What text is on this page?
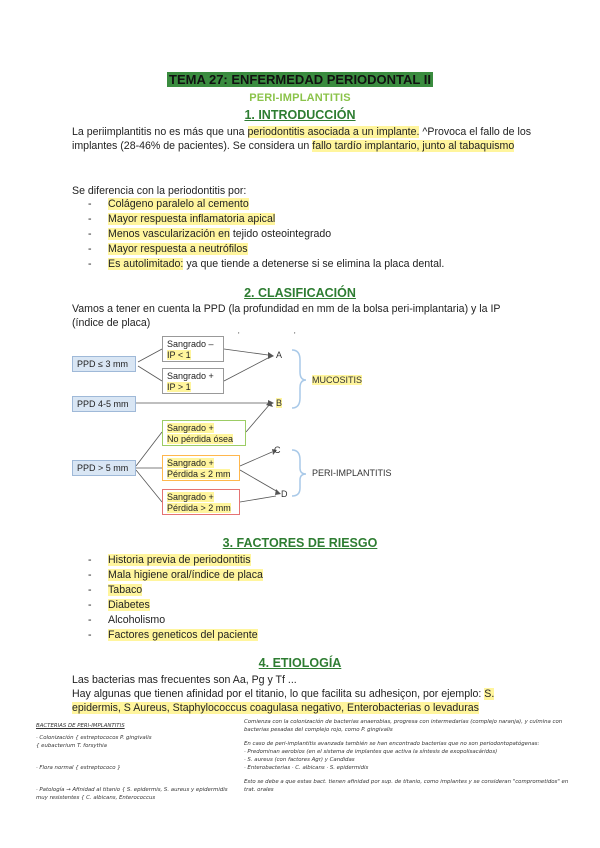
TEMA 27: ENFERMEDAD PERIODONTAL II
PERI-IMPLANTITIS
1. INTRODUCCIÓN
La periimplantitis no es más que una periodontitis asociada a un implante. ^Provoca el fallo de los implantes (28-46% de pacientes). Se considera un fallo tardío implantario, junto al tabaquismo
Se diferencia con la periodontitis por:
- Colágeno paralelo al cemento
- Mayor respuesta inflamatoria apical
- Menos vascularización en tejido osteointegrado
- Mayor respuesta a neutrófilos
- Es autolimitado: ya que tiende a detenerse si se elimina la placa dental.
2. CLASIFICACIÓN
Vamos a tener en cuenta la PPD (la profundidad en mm de la bolsa peri-implantaria) y la IP (índice de placa)
'	'
PPD ≤ 3 mm
PPD 4-5 mm
PPD > 5 mm
Sangrado –
IP < 1
Sangrado +
IP > 1
Sangrado +
No pérdida ósea
Sangrado +
Pérdida ≤ 2 mm
Sangrado +
Pérdida > 2 mm
A
B
C
D
MUCOSITIS
PERI-IMPLANTITIS
3. FACTORES DE RIESGO
- Historia previa de periodontitis
- Mala higiene oral/índice de placa
- Tabaco
- Diabetes
- Alcoholismo
- Factores geneticos del paciente
4. ETIOLOGÍA
Las bacterias mas frecuentes son Aa, Pg y Tf ...
Hay algunas que tienen afinidad por el titanio, lo que facilita su adhesiçon, por ejemplo: S. epidermis, S Aureus, Staphylococcus coagulasa negativo, Enterobacterias o levaduras
BACTERIAS DE PERI-IMPLANTITIS
· Colonización { estreptococos P. gingivalis
{ eubacterium T. forsythia
· Flora normal { estreptococo }
· Patología → Afinidad al titanio { S. epidermis, S. aureus y epidermidis
muy resistentes { C. albicans, Enterococcus
Comienza con la colonización de bacterias anaerobias, progresa con intermedarias (complejo naranja), y culmina con
bacterias pesadas del complejo rojo, como P. gingivalis
En caso de peri-implantitis avanzada también se han encontrado bacterias que no son periodontopatógenas:
· Predominan aerobios (en el sistema de implantes que activa la síntesis de exopolisacáridos)
· S. aureus (con factores Agr) y Candidas
· Enterobacterias · C. albicans · S. epidermidis
Esto se debe a que estas bact. tienen afinidad por sup. de titanio, como implantes y se consideran "comprometidos" en
trat. orales
